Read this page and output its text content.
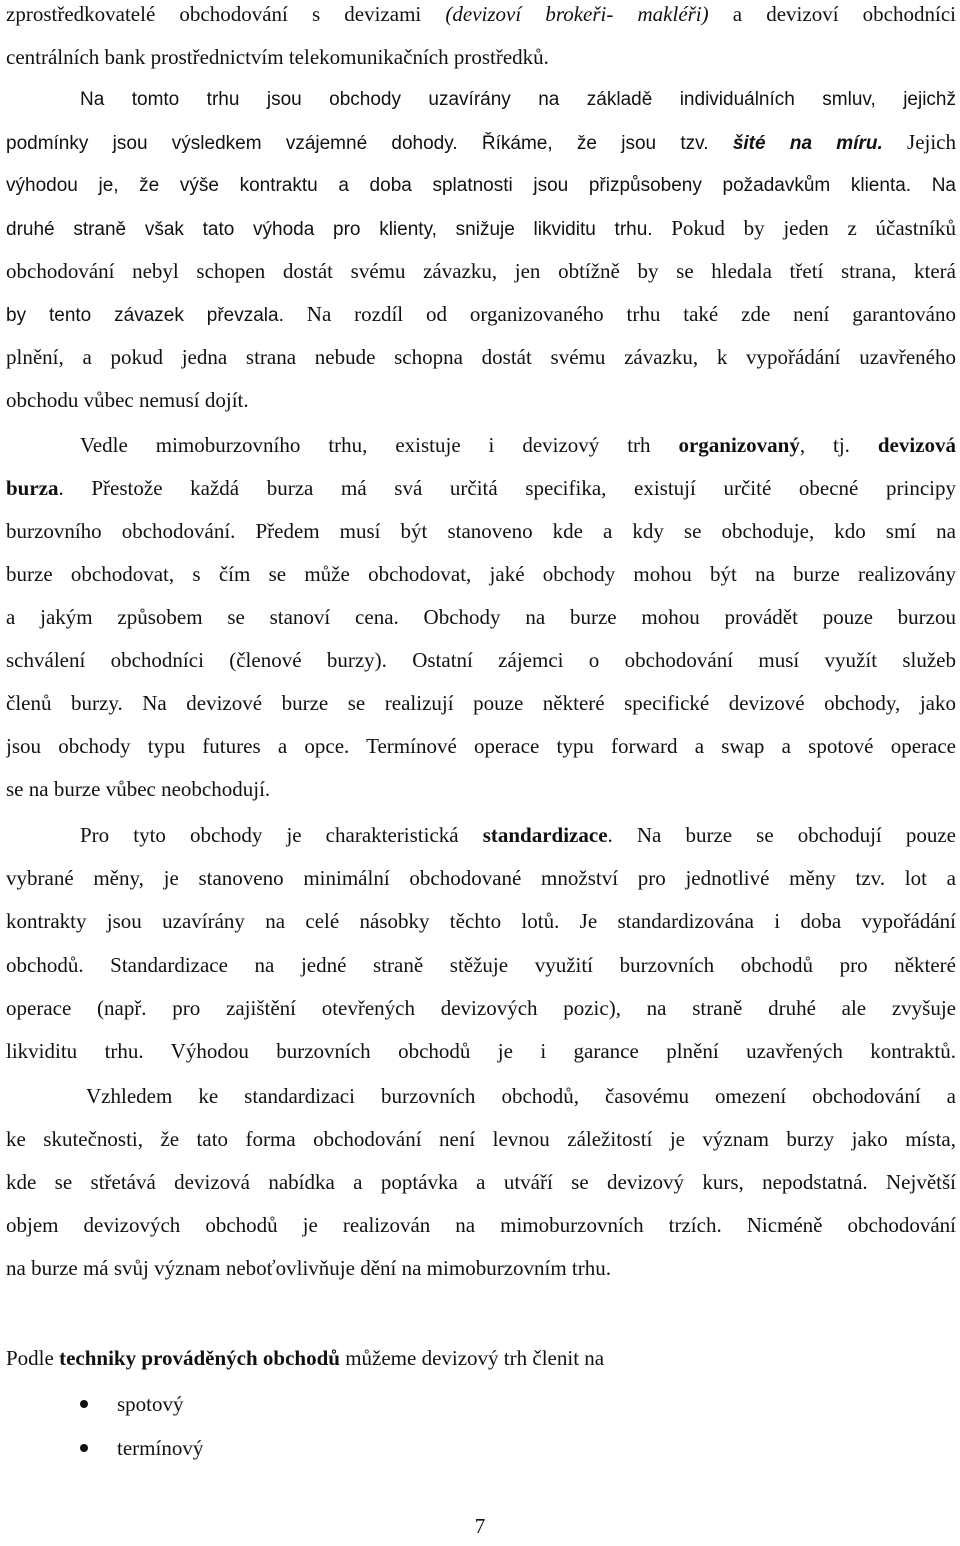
zprostředkovatelé obchodování s devizami (devizoví brokeři- makléři) a devizoví obchodníci
centrálních bank prostřednictvím telekomunikačních prostředků.
Na tomto trhu jsou obchody uzavírány na základě individuálních smluv, jejichž
podmínky jsou výsledkem vzájemné dohody. Říkáme, že jsou tzv. šité na míru. Jejich
výhodou je, že výše kontraktu a doba splatnosti jsou přizpůsobeny požadavkům klienta. Na
druhé straně však tato výhoda pro klienty, snižuje likviditu trhu. Pokud by jeden z účastníků
obchodování nebyl schopen dostát svému závazku, jen obtížně by se hledala třetí strana, která
by tento závazek převzala. Na rozdíl od organizovaného trhu také zde není garantováno
plnění, a pokud jedna strana nebude schopna dostát svému závazku, k vypořádání uzavřeného
obchodu vůbec nemusí dojít.
Vedle mimoburzovního trhu, existuje i devizový trh organizovaný, tj. devizová
burza. Přestože každá burza má svá určitá specifika, existují určité obecné principy
burzovního obchodování. Předem musí být stanoveno kde a kdy se obchoduje, kdo smí na
burze obchodovat, s čím se může obchodovat, jaké obchody mohou být na burze realizovány
a jakým způsobem se stanoví cena. Obchody na burze mohou provádět pouze burzou
schválení obchodníci (členové burzy). Ostatní zájemci o obchodování musí využít služeb
členů burzy. Na devizové burze se realizují pouze některé specifické devizové obchody, jako
jsou obchody typu futures a opce. Termínové operace typu forward a swap a spotové operace
se na burze vůbec neobchodují.
Pro tyto obchody je charakteristická standardizace. Na burze se obchodují pouze
vybrané měny, je stanoveno minimální obchodované množství pro jednotlivé měny tzv. lot a
kontrakty jsou uzavírány na celé násobky těchto lotů. Je standardizována i doba vypořádání
obchodů. Standardizace na jedné straně stěžuje využití burzovních obchodů pro některé
operace (např. pro zajištění otevřených devizových pozic), na straně druhé ale zvyšuje
likviditu trhu. Výhodou burzovních obchodů je i garance plnění uzavřených kontraktů.
Vzhledem ke standardizaci burzovních obchodů, časovému omezení obchodování a
ke skutečnosti, že tato forma obchodování není levnou záležitostí je význam burzy jako místa,
kde se střetává devizová nabídka a poptávka a utváří se devizový kurs, nepodstatná. Největší
objem devizových obchodů je realizován na mimoburzovních trzích. Nicméně obchodování
na burze má svůj význam neboťovlivňuje dění na mimoburzovním trhu.
Podle techniky prováděných obchodů můžeme devizový trh členit na
spotový
termínový
7
